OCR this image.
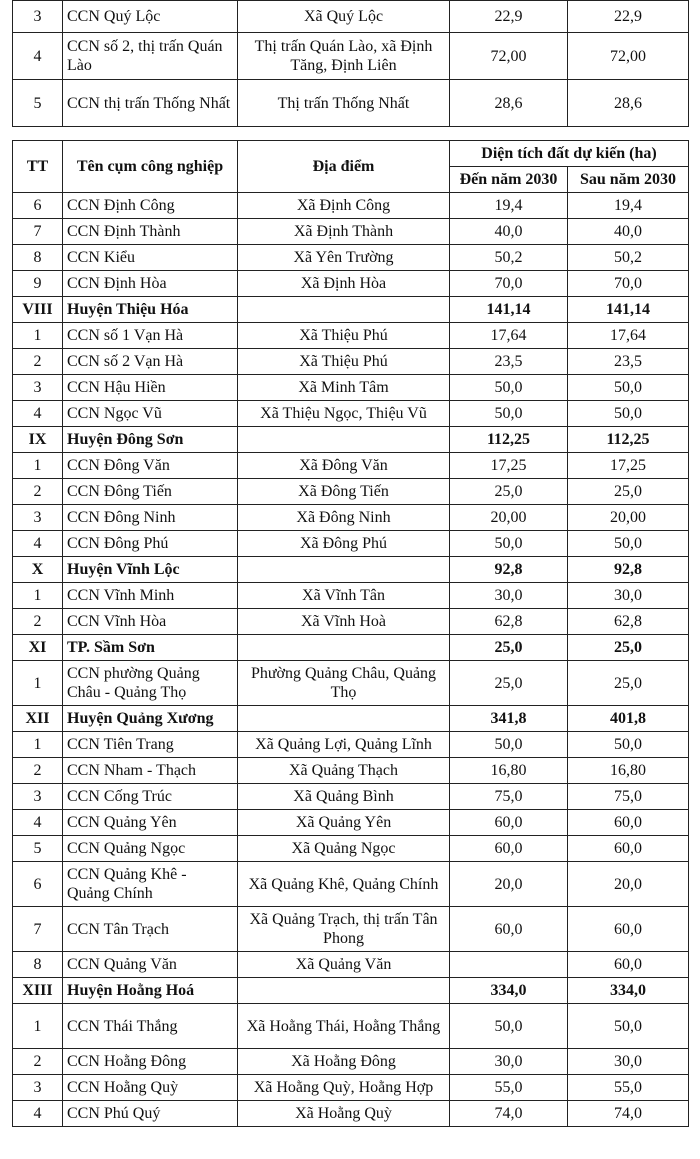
3	CCN Quý Lộc	Xã Quý Lộc	22,9	22,9
4	CCN số 2, thị trấn Quán Lào	Thị trấn Quán Lào, xã Định Tăng, Định Liên	72,00	72,00
5	CCN thị trấn Thống Nhất	Thị trấn Thống Nhất	28,6	28,6
TT	Tên cụm công nghiệp	Địa điểm	Diện tích đất dự kiến (ha)	
			Đến năm 2030	Sau năm 2030
6	CCN Định Công	Xã Định Công	19,4	19,4
7	CCN Định Thành	Xã Định Thành	40,0	40,0
8	CCN Kiểu	Xã Yên Trường	50,2	50,2
9	CCN Định Hòa	Xã Định Hòa	70,0	70,0
VIII	Huyện Thiệu Hóa		141,14	141,14
1	CCN số 1 Vạn Hà	Xã Thiệu Phú	17,64	17,64
2	CCN số 2 Vạn Hà	Xã Thiệu Phú	23,5	23,5
3	CCN Hậu Hiền	Xã Minh Tâm	50,0	50,0
4	CCN Ngọc Vũ	Xã Thiệu Ngọc, Thiệu Vũ	50,0	50,0
IX	Huyện Đông Sơn		112,25	112,25
1	CCN Đông Văn	Xã Đông Văn	17,25	17,25
2	CCN Đông Tiến	Xã Đông Tiến	25,0	25,0
3	CCN Đông Ninh	Xã Đông Ninh	20,00	20,00
4	CCN Đông Phú	Xã Đông Phú	50,0	50,0
X	Huyện Vĩnh Lộc		92,8	92,8
1	CCN Vĩnh Minh	Xã Vĩnh Tân	30,0	30,0
2	CCN Vĩnh Hòa	Xã Vĩnh Hoà	62,8	62,8
XI	TP. Sầm Sơn		25,0	25,0
1	CCN phường Quảng Châu - Quảng Thọ	Phường Quảng Châu, Quảng Thọ	25,0	25,0
XII	Huyện Quảng Xương		341,8	401,8
1	CCN Tiên Trang	Xã Quảng Lợi, Quảng Lĩnh	50,0	50,0
2	CCN Nham - Thạch	Xã Quảng Thạch	16,80	16,80
3	CCN Cống Trúc	Xã Quảng Bình	75,0	75,0
4	CCN Quảng Yên	Xã Quảng Yên	60,0	60,0
5	CCN Quảng Ngọc	Xã Quảng Ngọc	60,0	60,0
6	CCN Quảng Khê - Quảng Chính	Xã Quảng Khê, Quảng Chính	20,0	20,0
7	CCN Tân Trạch	Xã Quảng Trạch, thị trấn Tân Phong	60,0	60,0
8	CCN Quảng Văn	Xã Quảng Văn		60,0
XIII	Huyện Hoằng Hoá		334,0	334,0
1	CCN Thái Thắng	Xã Hoằng Thái, Hoằng Thắng	50,0	50,0
2	CCN Hoằng Đông	Xã Hoằng Đông	30,0	30,0
3	CCN Hoằng Quỳ	Xã Hoằng Quỳ, Hoằng Hợp	55,0	55,0
4	CCN Phú Quý	Xã Hoằng Quỳ	74,0	74,0
